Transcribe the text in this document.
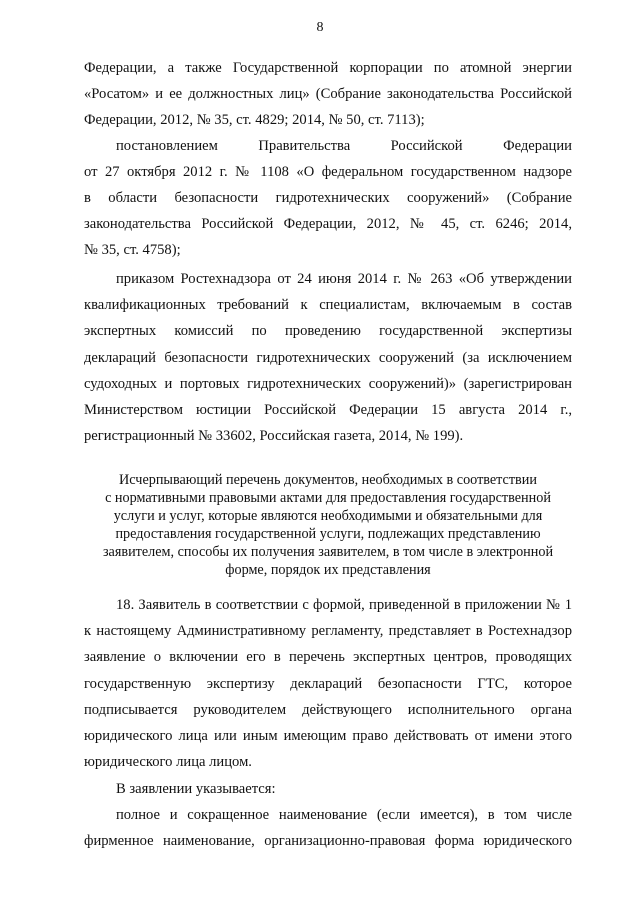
8
Федерации, а также Государственной корпорации по атомной энергии
«Росатом» и ее должностных лиц» (Собрание законодательства Российской
Федерации, 2012, № 35, ст. 4829; 2014, № 50, ст. 7113);
постановлением Правительства Российской Федерации
от 27 октября 2012 г. № 1108 «О федеральном государственном надзоре
в области безопасности гидротехнических сооружений» (Собрание
законодательства Российской Федерации, 2012, № 45, ст. 6246; 2014,
№ 35, ст. 4758);
приказом Ростехнадзора от 24 июня 2014 г. № 263 «Об утверждении
квалификационных требований к специалистам, включаемым в состав
экспертных комиссий по проведению государственной экспертизы
деклараций безопасности гидротехнических сооружений (за исключением
судоходных и портовых гидротехнических сооружений)» (зарегистрирован
Министерством юстиции Российской Федерации 15 августа 2014 г.,
регистрационный № 33602, Российская газета, 2014, № 199).
Исчерпывающий перечень документов, необходимых в соответствии
с нормативными правовыми актами для предоставления государственной
услуги и услуг, которые являются необходимыми и обязательными для
предоставления государственной услуги, подлежащих представлению
заявителем, способы их получения заявителем, в том числе в электронной
форме, порядок их представления
18. Заявитель в соответствии с формой, приведенной в приложении № 1
к настоящему Административному регламенту, представляет в Ростехнадзор
заявление о включении его в перечень экспертных центров, проводящих
государственную экспертизу деклараций безопасности ГТС, которое
подписывается руководителем действующего исполнительного органа
юридического лица или иным имеющим право действовать от имени этого
юридического лица лицом.
В заявлении указывается:
полное и сокращенное наименование (если имеется), в том числе
фирменное наименование, организационно-правовая форма юридического
